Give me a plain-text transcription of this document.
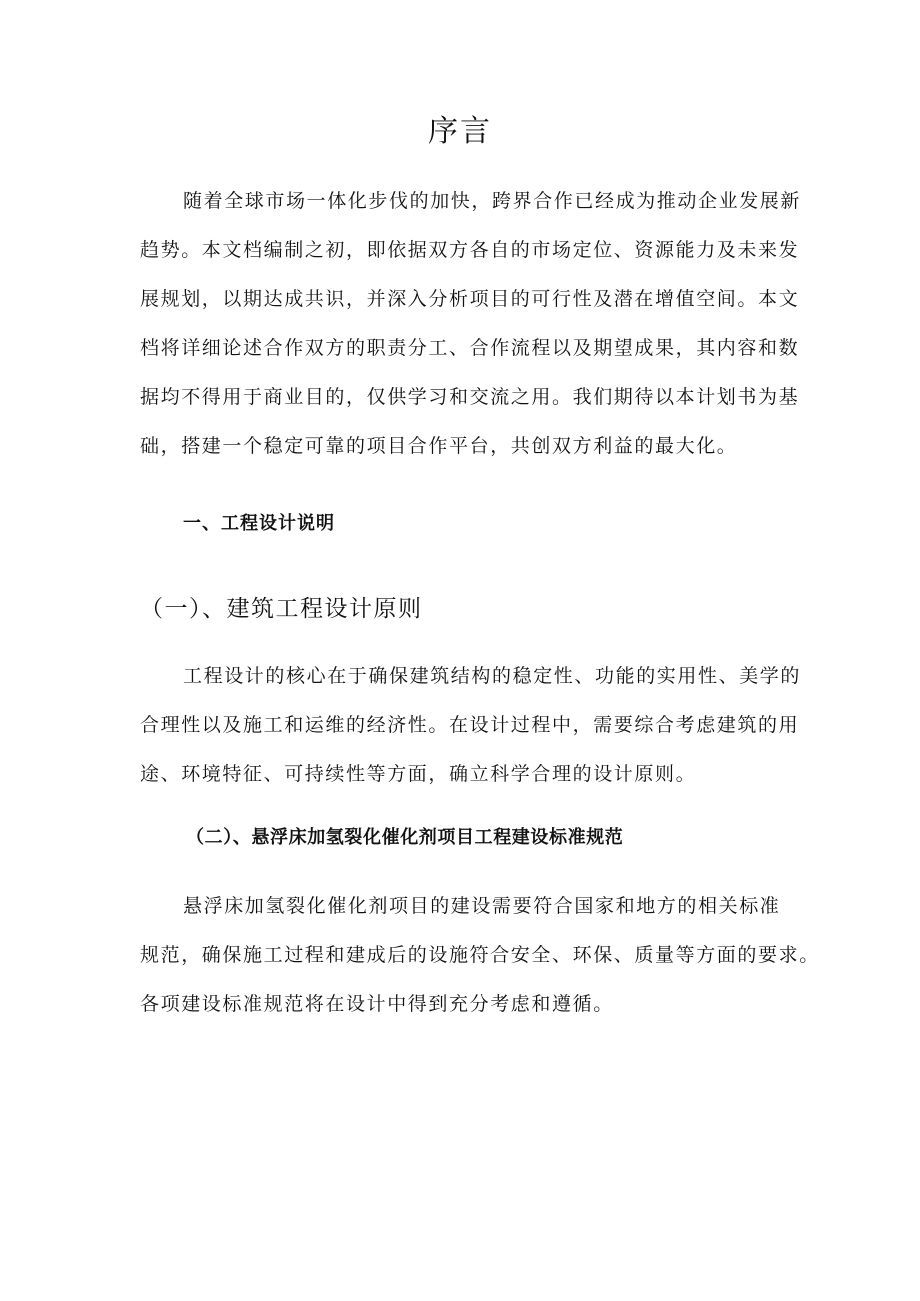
序言
随着全球市场一体化步伐的加快，跨界合作已经成为推动企业发展新
趋势。本文档编制之初，即依据双方各自的市场定位、资源能力及未来发
展规划，以期达成共识，并深入分析项目的可行性及潜在增值空间。本文
档将详细论述合作双方的职责分工、合作流程以及期望成果，其内容和数
据均不得用于商业目的，仅供学习和交流之用。我们期待以本计划书为基
础，搭建一个稳定可靠的项目合作平台，共创双方利益的最大化。
一、工程设计说明
（一）、建筑工程设计原则
工程设计的核心在于确保建筑结构的稳定性、功能的实用性、美学的
合理性以及施工和运维的经济性。在设计过程中，需要综合考虑建筑的用
途、环境特征、可持续性等方面，确立科学合理的设计原则。
（二）、悬浮床加氢裂化催化剂项目工程建设标准规范
悬浮床加氢裂化催化剂项目的建设需要符合国家和地方的相关标准
规范，确保施工过程和建成后的设施符合安全、环保、质量等方面的要求。
各项建设标准规范将在设计中得到充分考虑和遵循。
